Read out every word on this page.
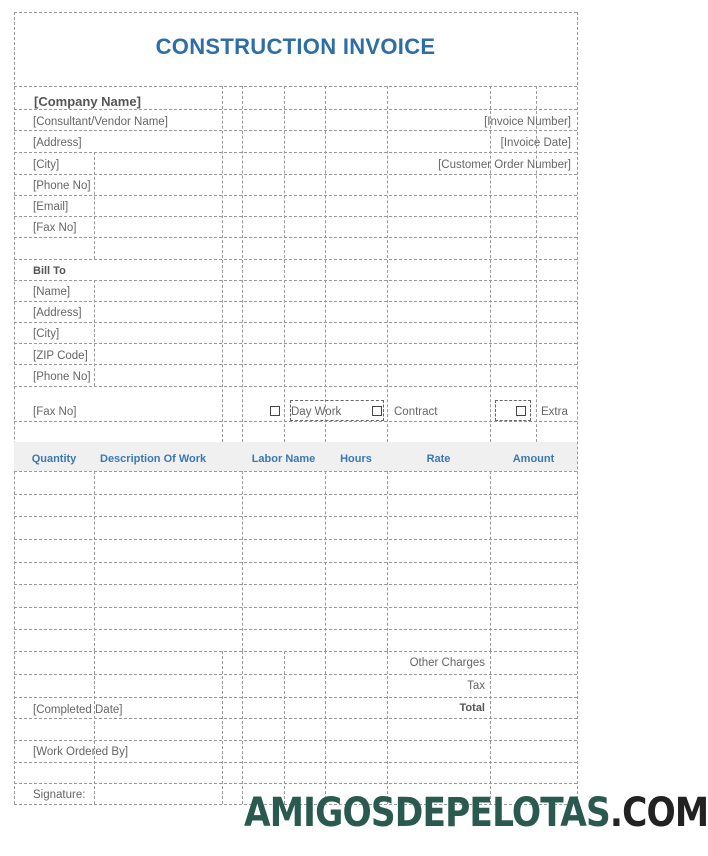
CONSTRUCTION INVOICE
[Company Name]
[Consultant/Vendor Name]
[Address]
[City]
[Phone No]
[Email]
[Fax No]
[Invoice Number]
[Invoice Date]
[Customer Order Number]
Bill To
[Name]
[Address]
[City]
[ZIP Code]
[Phone No]
[Fax No]	Day Work	Contract	Extra
Quantity	Description Of Work	Labor Name	Hours	Rate	Amount
Other Charges
Tax
Total
[Completed Date]
[Work Ordered By]
Signature:	AMIGOSDEPELOTAS.COM
